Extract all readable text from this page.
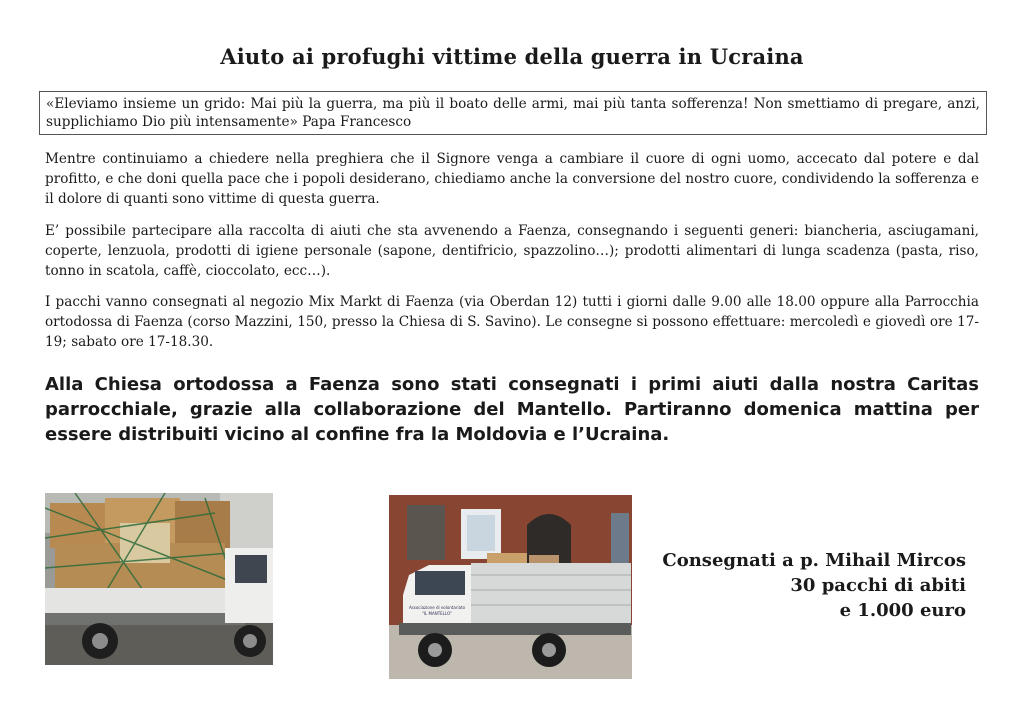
Aiuto ai profughi vittime della guerra in Ucraina
«Eleviamo insieme un grido: Mai più la guerra, ma più il boato delle armi, mai più tanta sofferenza! Non smettiamo di pregare, anzi, supplichiamo Dio più intensamente» Papa Francesco
Mentre continuiamo a chiedere nella preghiera che il Signore venga a cambiare il cuore di ogni uomo, accecato dal potere e dal profitto, e che doni quella pace che i popoli desiderano, chiediamo anche la conversione del nostro cuore, condividendo la sofferenza e il dolore di quanti sono vittime di questa guerra.
E’ possibile partecipare alla raccolta di aiuti che sta avvenendo a Faenza, consegnando i seguenti generi: biancheria, asciugamani, coperte, lenzuola, prodotti di igiene personale (sapone, dentifricio, spazzolino…); prodotti alimentari di lunga scadenza (pasta, riso, tonno in scatola, caffè, cioccolato, ecc…).
I pacchi vanno consegnati al negozio Mix Markt di Faenza (via Oberdan 12) tutti i giorni dalle 9.00 alle 18.00 oppure alla Parrocchia ortodossa di Faenza (corso Mazzini, 150, presso la Chiesa di S. Savino). Le consegne si possono effettuare: mercoledì e giovedì ore 17-19; sabato ore 17-18.30.
Alla Chiesa ortodossa a Faenza sono stati consegnati i primi aiuti dalla nostra Caritas parrocchiale, grazie alla collaborazione del Mantello. Partiranno domenica mattina per essere distribuiti vicino al confine fra la Moldovia e l’Ucraina.
Associazione di volontariato
"IL MANTELLO"
Consegnati a p. Mihail Mircos
30 pacchi di abiti
e 1.000 euro
